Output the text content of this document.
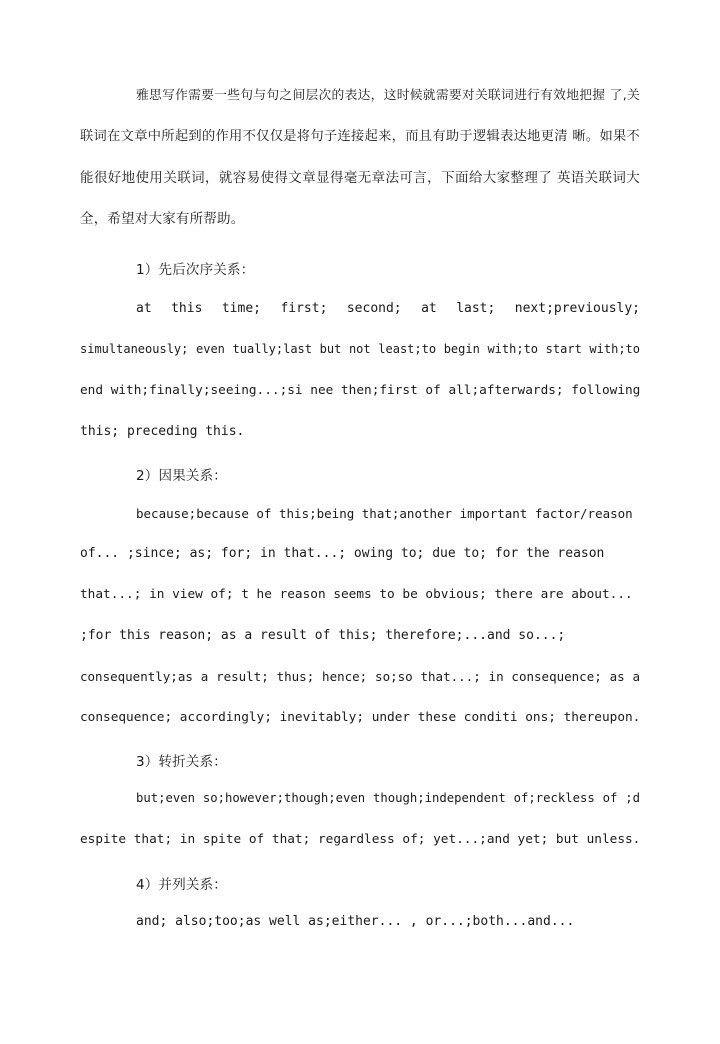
雅思写作需要一些句与句之间层次的表达，这时候就需要对关联词进行有效地把握 了,关
联词在文章中所起到的作用不仅仅是将句子连接起来，而且有助于逻辑表达地更清 晰。如果不
能很好地使用关联词，就容易使得文章显得毫无章法可言，下面给大家整理了 英语关联词大
全，希望对大家有所帮助。
1）先后次序关系：
at this time; first; second; at last; next;previously;
simultaneously; even tually;last but not least;to begin with;to start with;to
end with;finally;seeing...;si nee then;first of all;afterwards; following
this; preceding this.
2）因果关系：
because;because of this;being that;another important factor/reason
of... ;since; as; for; in that...; owing to; due to; for the reason
that...; in view of; t he reason seems to be obvious; there are about...
;for this reason; as a result of this; therefore;...and so...;
consequently;as a result; thus; hence; so;so that...; in consequence; as a
consequence; accordingly; inevitably; under these conditi ons; thereupon.
3）转折关系：
but;even so;however;though;even though;independent of;reckless of ;d
espite that; in spite of that; regardless of; yet...;and yet; but unless.
4）并列关系：
and; also;too;as well as;either... , or...;both...and...
